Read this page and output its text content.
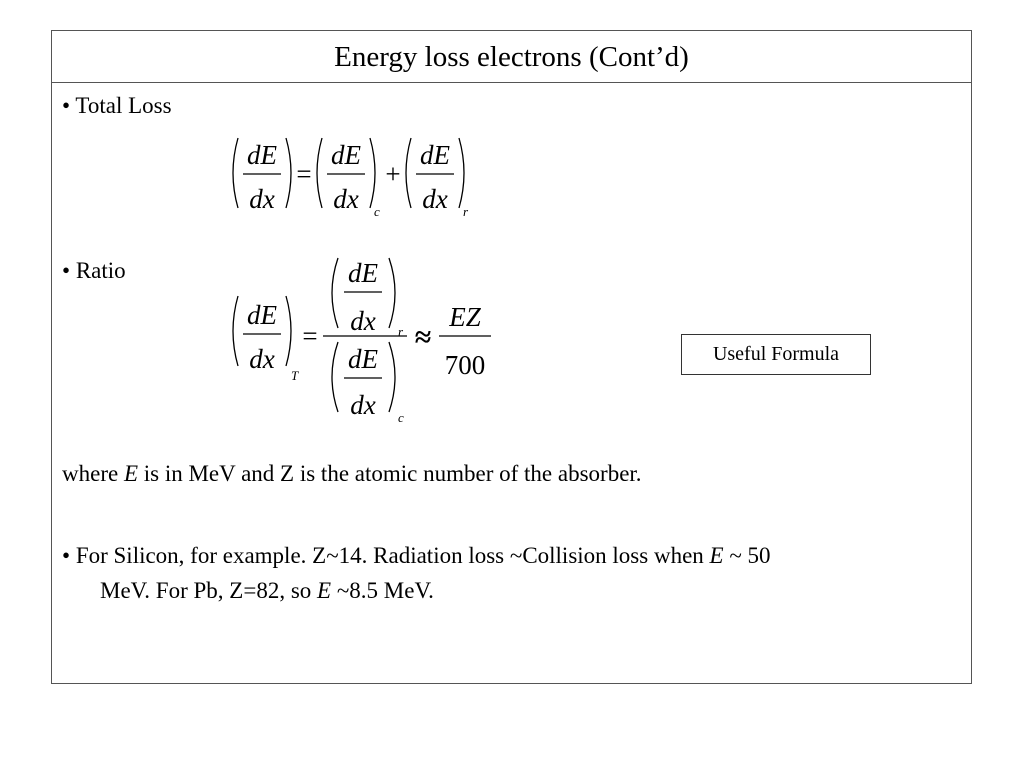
Energy loss electrons (Cont’d)
• Total Loss
dE
dx
dE
dx
dE
dx
=	+
c	r
• Ratio
dE
dx
dE
dx
dE
dx
EZ
=
700
≈
T
r
c
Useful Formula
where E is in MeV and Z is the atomic number of the absorber.
• For Silicon, for example. Z~14. Radiation loss ~Collision loss when E ~ 50
MeV. For Pb, Z=82, so E ~8.5 MeV.
